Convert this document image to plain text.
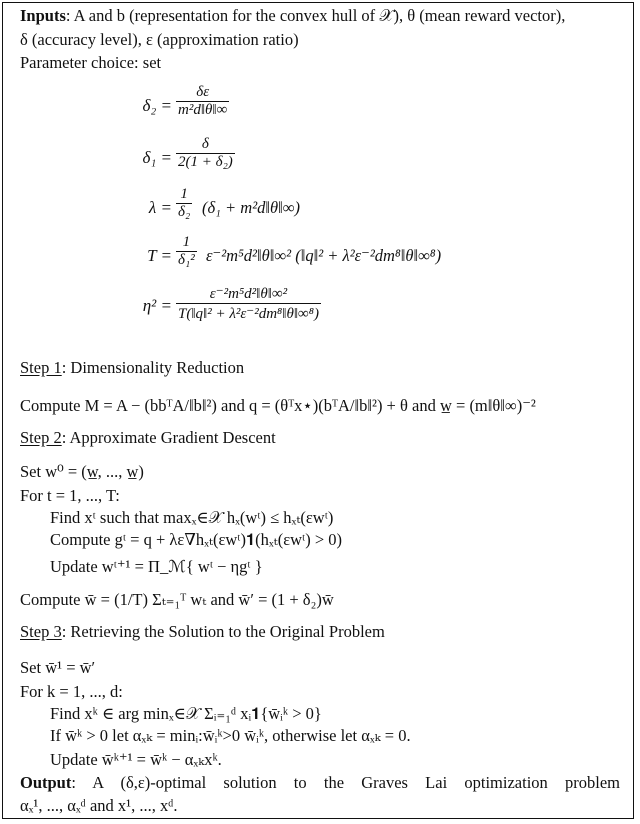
Inputs: A and b (representation for the convex hull of 𝒳), θ (mean reward vector),
δ (accuracy level), ε (approximation ratio)
Parameter choice: set
$\delta_2 = \frac{\delta\varepsilon}{\text{m²d‖θ‖∞}}$
$\delta_1 = \frac{\delta}{\text{2(1 + δ₂)}}$
$\lambda = \frac{1}{\text{δ₂}} (\delta_1$ + m²d‖θ‖∞)
$T = \frac{1}{\text{δ₁²}}$ ε⁻²m⁵d²‖θ‖∞² (‖q‖² + λ²ε⁻²dm⁸‖θ‖∞⁸)
$\eta^2 = \frac{\text{ε⁻²m⁵d²‖θ‖∞²}}{\text{T(‖q‖² + λ²ε⁻²dm⁸‖θ‖∞⁸)}}$
Step 1: Dimensionality Reduction
Compute M = A − (bbᵀA/‖b‖²) and q = (θᵀx⋆)(bᵀA/‖b‖²) + θ and w̲ = (m‖θ‖∞)⁻²
Step 2: Approximate Gradient Descent
Set w⁰ = (w̲, ..., w̲)
For t = 1, ..., T:
Find xᵗ such that maxₓ∈𝒳 hₓ(wᵗ) ≤ hₓₜ(εwᵗ)
Compute gᵗ = q + λε∇hₓₜ(εwᵗ)𝟏(hₓₜ(εwᵗ) > 0)
Update wᵗ⁺¹ = Π_ℳ{ wᵗ − ηgᵗ }
Compute w̄ = (1/T) Σₜ₌₁ᵀ wₜ and w̄′ = (1 + δ₂)w̄
Step 3: Retrieving the Solution to the Original Problem
Set w̄¹ = w̄′
For k = 1, ..., d:
Find xᵏ ∈ arg minₓ∈𝒳 Σᵢ₌₁ᵈ xᵢ𝟏{w̄ᵢᵏ > 0}
If w̄ᵏ > 0 let αₓₖ = minᵢ:w̄ᵢᵏ>0 w̄ᵢᵏ, otherwise let αₓₖ = 0.
Update w̄ᵏ⁺¹ = w̄ᵏ − αₓₖxᵏ.
Output: A (δ,ε)-optimal solution to the Graves Lai optimization problem
αₓ¹, ..., αₓᵈ and x¹, ..., xᵈ.
